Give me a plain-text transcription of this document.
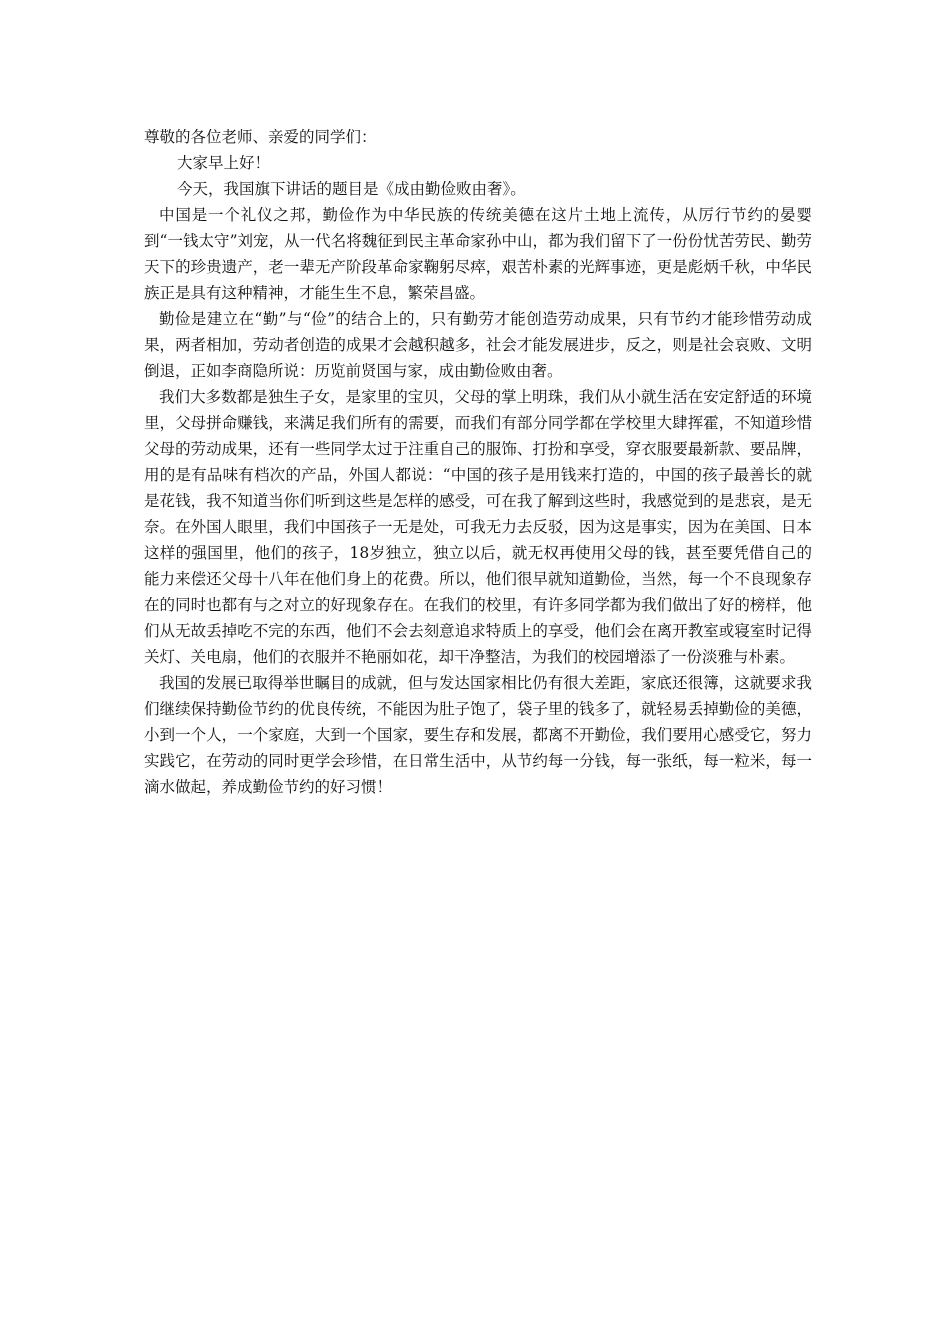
尊敬的各位老师、亲爱的同学们：

大家早上好！

今天，我国旗下讲话的题目是《成由勤俭败由奢》。

中国是一个礼仪之邦，勤俭作为中华民族的传统美德在这片土地上流传，从厉行节约的晏婴到“一钱太守”刘宠，从一代名将魏征到民主革命家孙中山，都为我们留下了一份份忧苦劳民、勤劳天下的珍贵遗产，老一辈无产阶段革命家鞠躬尽瘁，艰苦朴素的光辉事迹，更是彪炳千秋，中华民族正是具有这种精神，才能生生不息，繁荣昌盛。

勤俭是建立在“勤”与“俭”的结合上的，只有勤劳才能创造劳动成果，只有节约才能珍惜劳动成果，两者相加，劳动者创造的成果才会越积越多，社会才能发展进步，反之，则是社会哀败、文明倒退，正如李商隐所说：历览前贤国与家，成由勤俭败由奢。

我们大多数都是独生子女，是家里的宝贝，父母的掌上明珠，我们从小就生活在安定舒适的环境里，父母拼命赚钱，来满足我们所有的需要，而我们有部分同学都在学校里大肆挥霍，不知道珍惜父母的劳动成果，还有一些同学太过于注重自己的服饰、打扮和享受，穿衣服要最新款、要品牌，用的是有品味有档次的产品，外国人都说：“中国的孩子是用钱来打造的，中国的孩子最善长的就是花钱，我不知道当你们听到这些是怎样的感受，可在我了解到这些时，我感觉到的是悲哀，是无奈。在外国人眼里，我们中国孩子一无是处，可我无力去反驳，因为这是事实，因为在美国、日本这样的强国里，他们的孩子，18岁独立，独立以后，就无权再使用父母的钱，甚至要凭借自己的能力来偿还父母十八年在他们身上的花费。所以，他们很早就知道勤俭，当然，每一个不良现象存在的同时也都有与之对立的好现象存在。在我们的校里，有许多同学都为我们做出了好的榜样，他们从无故丢掉吃不完的东西，他们不会去刻意追求特质上的享受，他们会在离开教室或寝室时记得关灯、关电扇，他们的衣服并不艳丽如花，却干净整洁，为我们的校园增添了一份淡雅与朴素。

我国的发展已取得举世瞩目的成就，但与发达国家相比仍有很大差距，家底还很簿，这就要求我们继续保持勤俭节约的优良传统，不能因为肚子饱了，袋子里的钱多了，就轻易丢掉勤俭的美德，小到一个人，一个家庭，大到一个国家，要生存和发展，都离不开勤俭，我们要用心感受它，努力实践它，在劳动的同时更学会珍惜，在日常生活中，从节约每一分钱，每一张纸，每一粒米，每一滴水做起，养成勤俭节约的好习惯！
